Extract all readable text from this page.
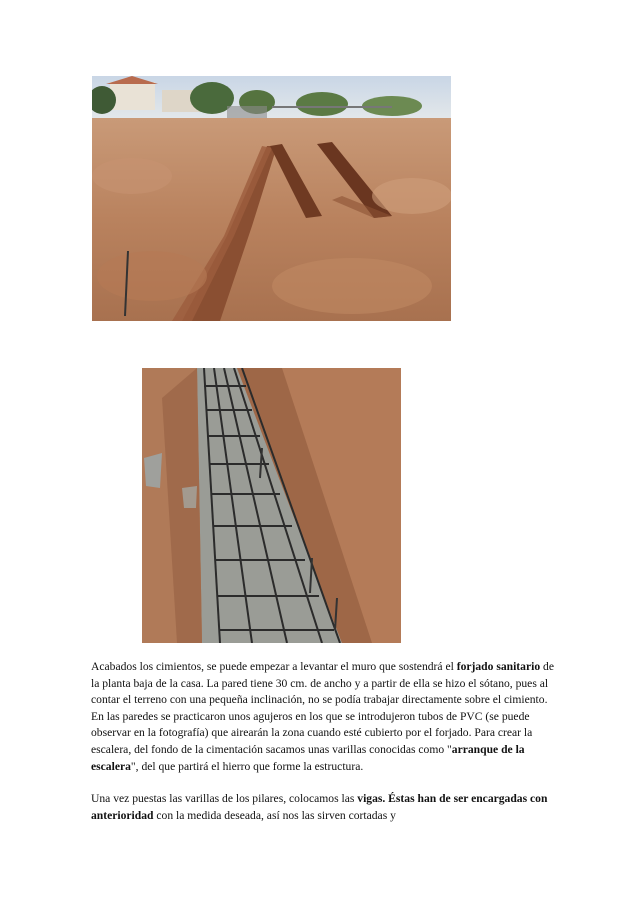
Acabados los cimientos, se puede empezar a levantar el muro que sostendrá el forjado sanitario de la planta baja de la casa. La pared tiene 30 cm. de ancho y a partir de ella se hizo el sótano, pues al contar el terreno con una pequeña inclinación, no se podía trabajar directamente sobre el cimiento. En las paredes se practicaron unos agujeros en los que se introdujeron tubos de PVC (se puede observar en la fotografía) que airearán la zona cuando esté cubierto por el forjado. Para crear la escalera, del fondo de la cimentación sacamos unas varillas conocidas como "arranque de la escalera", del que partirá el hierro que forme la estructura.

Una vez puestas las varillas de los pilares, colocamos las vigas. Éstas han de ser encargadas con anterioridad con la medida deseada, así nos las sirven cortadas y
